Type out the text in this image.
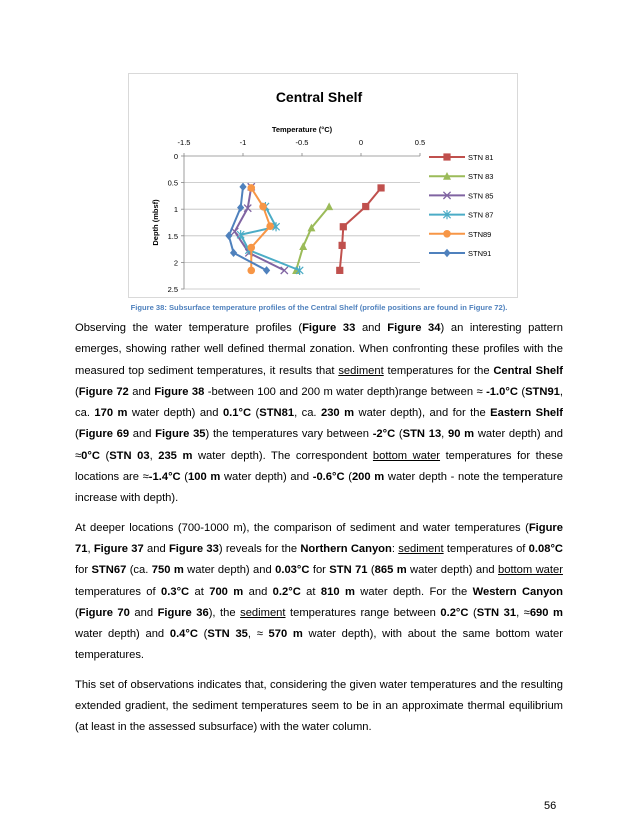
Central Shelf
Temperature (°C)
Depth (mbsf)
0
0.5
1
1.5
2
2.5
-1.5	-1	-0.5	0	0.5
STN 81
STN 83
STN 85
STN 87
STN89
STN91
Figure 38: Subsurface temperature profiles of the Central Shelf (profile positions are found in Figure 72).

Observing the water temperature profiles (Figure 33 and Figure 34) an interesting pattern emerges, showing rather well defined thermal zonation. When confronting these profiles with the measured top sediment temperatures, it results that sediment temperatures for the Central Shelf (Figure 72 and Figure 38 -between 100 and 200 m water depth)range between ≈ -1.0°C (STN91, ca. 170 m water depth) and 0.1°C (STN81, ca. 230 m water depth), and for the Eastern Shelf (Figure 69 and Figure 35) the temperatures vary between -2°C (STN 13, 90 m water depth) and ≈0°C (STN 03, 235 m water depth). The correspondent bottom water temperatures for these locations are ≈-1.4°C (100 m water depth) and -0.6°C (200 m water depth - note the temperature increase with depth).

At deeper locations (700-1000 m), the comparison of sediment and water temperatures (Figure 71, Figure 37 and Figure 33) reveals for the Northern Canyon: sediment temperatures of 0.08°C for STN67 (ca. 750 m water depth) and 0.03°C for STN 71 (865 m water depth) and bottom water temperatures of 0.3°C at 700 m and 0.2°C at 810 m water depth. For the Western Canyon (Figure 70 and Figure 36), the sediment temperatures range between 0.2°C (STN 31, ≈690 m water depth) and 0.4°C (STN 35, ≈ 570 m water depth), with about the same bottom water temperatures.

This set of observations indicates that, considering the given water temperatures and the resulting extended gradient, the sediment temperatures seem to be in an approximate thermal equilibrium (at least in the assessed subsurface) with the water column.

56
